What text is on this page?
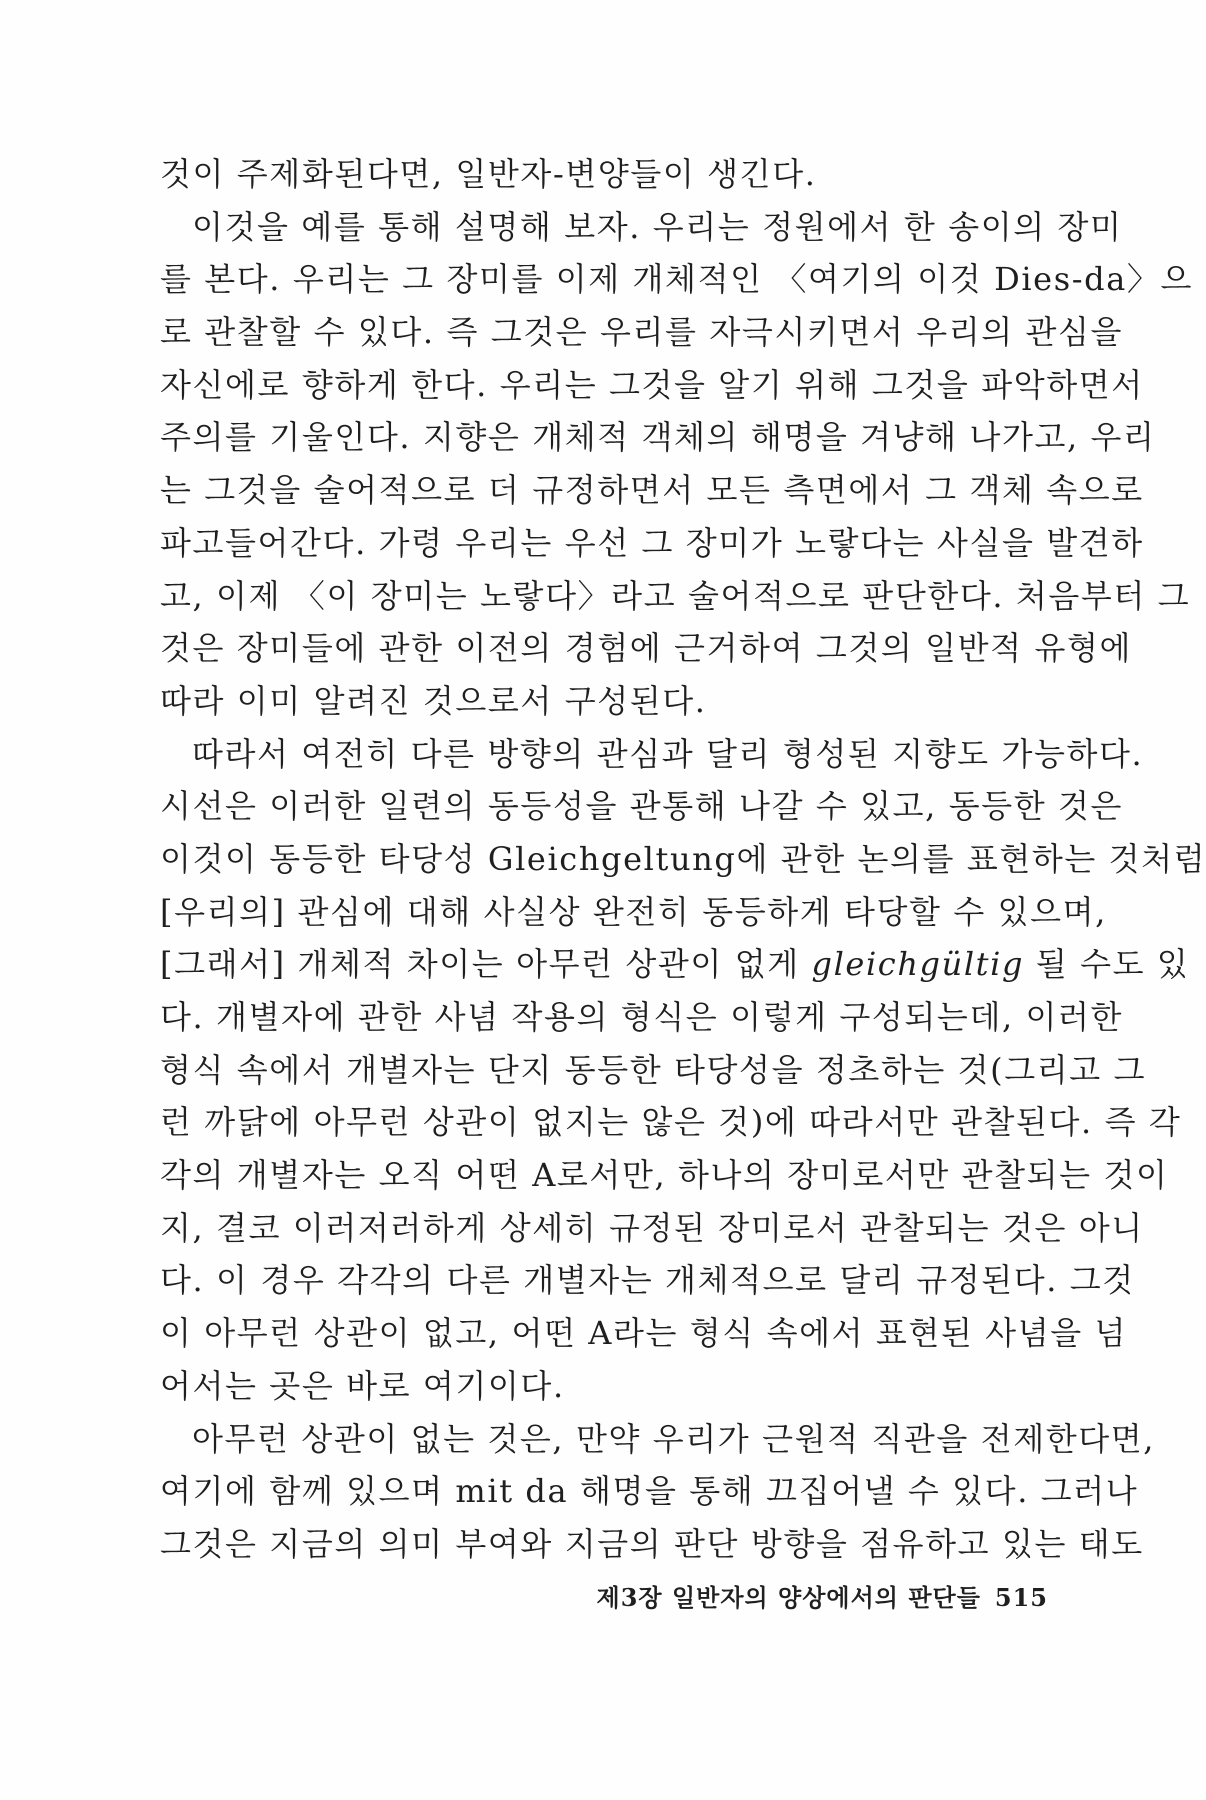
것이 주제화된다면, 일반자-변양들이 생긴다.
이것을 예를 통해 설명해 보자. 우리는 정원에서 한 송이의 장미
를 본다. 우리는 그 장미를 이제 개체적인 〈여기의 이것 Dies-da〉으
로 관찰할 수 있다. 즉 그것은 우리를 자극시키면서 우리의 관심을
자신에로 향하게 한다. 우리는 그것을 알기 위해 그것을 파악하면서
주의를 기울인다. 지향은 개체적 객체의 해명을 겨냥해 나가고, 우리
는 그것을 술어적으로 더 규정하면서 모든 측면에서 그 객체 속으로
파고들어간다. 가령 우리는 우선 그 장미가 노랗다는 사실을 발견하
고, 이제 〈이 장미는 노랗다〉라고 술어적으로 판단한다. 처음부터 그
것은 장미들에 관한 이전의 경험에 근거하여 그것의 일반적 유형에
따라 이미 알려진 것으로서 구성된다.
따라서 여전히 다른 방향의 관심과 달리 형성된 지향도 가능하다.
시선은 이러한 일련의 동등성을 관통해 나갈 수 있고, 동등한 것은
이것이 동등한 타당성 Gleichgeltung에 관한 논의를 표현하는 것처럼
[우리의] 관심에 대해 사실상 완전히 동등하게 타당할 수 있으며,
[그래서] 개체적 차이는 아무런 상관이 없게 gleichgültig 될 수도 있
다. 개별자에 관한 사념 작용의 형식은 이렇게 구성되는데, 이러한
형식 속에서 개별자는 단지 동등한 타당성을 정초하는 것(그리고 그
런 까닭에 아무런 상관이 없지는 않은 것)에 따라서만 관찰된다. 즉 각
각의 개별자는 오직 어떤 A로서만, 하나의 장미로서만 관찰되는 것이
지, 결코 이러저러하게 상세히 규정된 장미로서 관찰되는 것은 아니
다. 이 경우 각각의 다른 개별자는 개체적으로 달리 규정된다. 그것
이 아무런 상관이 없고, 어떤 A라는 형식 속에서 표현된 사념을 넘
어서는 곳은 바로 여기이다.
아무런 상관이 없는 것은, 만약 우리가 근원적 직관을 전제한다면,
여기에 함께 있으며 mit da 해명을 통해 끄집어낼 수 있다. 그러나
그것은 지금의 의미 부여와 지금의 판단 방향을 점유하고 있는 태도
제3장 일반자의 양상에서의 판단들 515
